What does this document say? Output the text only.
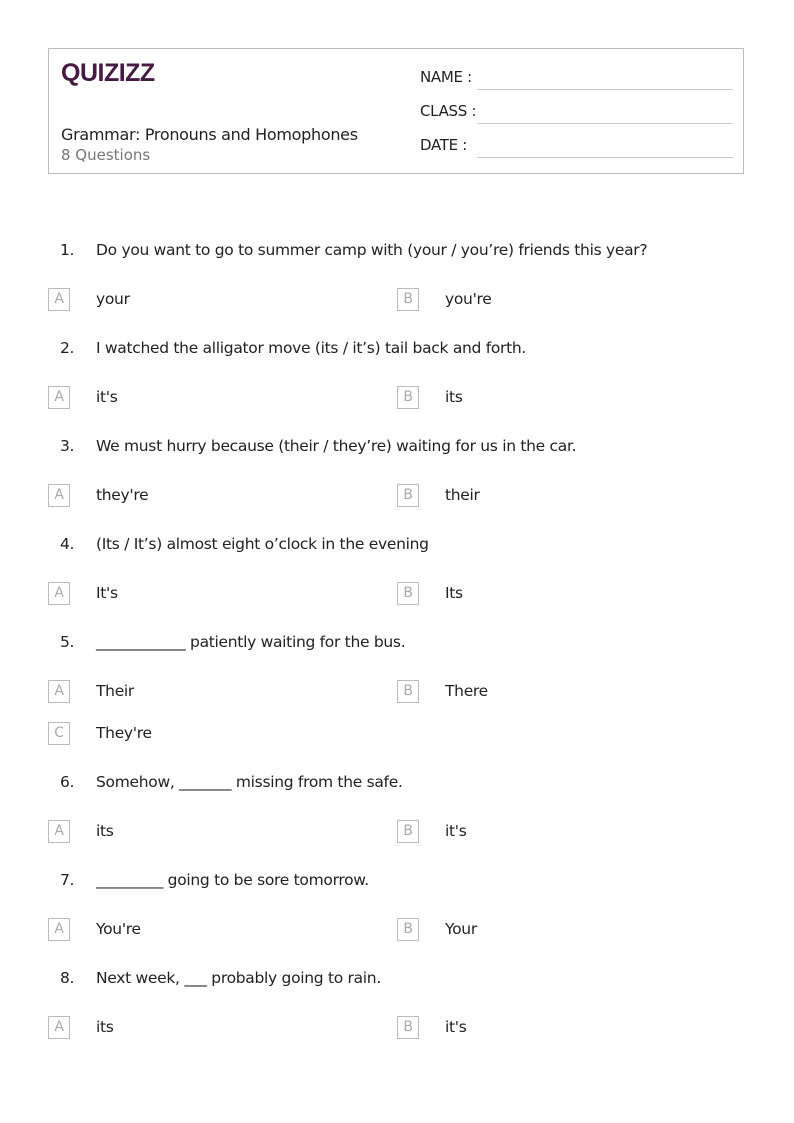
QUIZIZZ
Grammar: Pronouns and Homophones
8 Questions
NAME :
CLASS :
DATE :
1. Do you want to go to summer camp with (your / you’re) friends this year?
A	your	B	you're
2. I watched the alligator move (its / it’s) tail back and forth.
A	it's	B	its
3. We must hurry because (their / they’re) waiting for us in the car.
A	they're	B	their
4. (Its / It’s) almost eight o’clock in the evening
A	It's	B	Its
5. ____________ patiently waiting for the bus.
A	Their	B	There
C	They're
6. Somehow, _______ missing from the safe.
A	its	B	it's
7. _________ going to be sore tomorrow.
A	You're	B	Your
8. Next week, ___ probably going to rain.
A	its	B	it's
